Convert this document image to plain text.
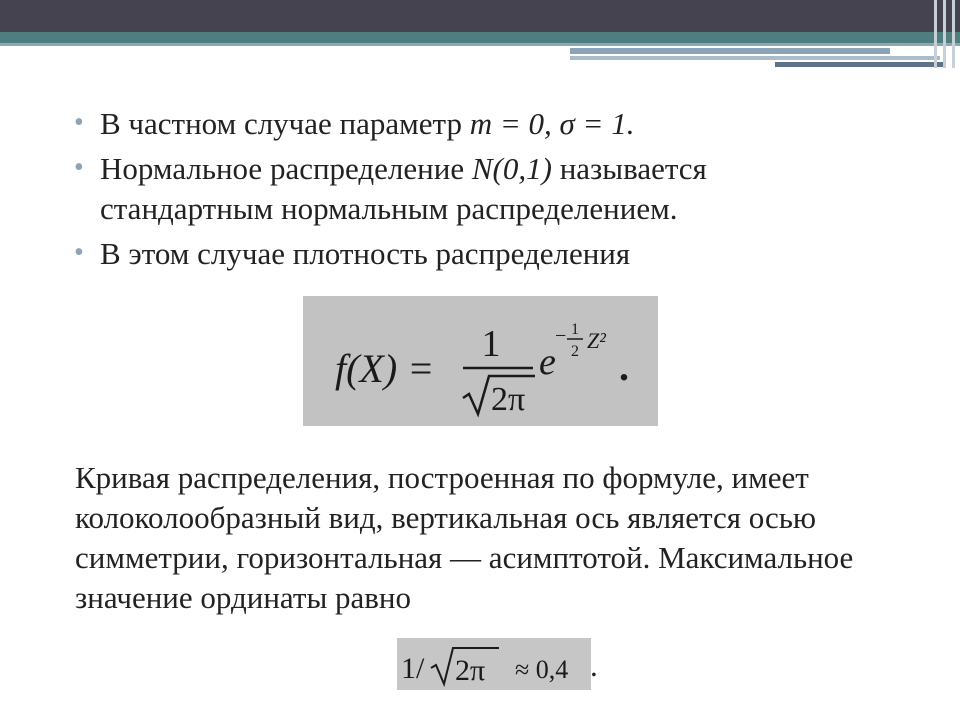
• В частном случае параметр m = 0, σ = 1.
• Нормальное распределение N(0,1) называется стандартным нормальным распределением.
• В этом случае плотность распределения
f(X) =
1
2π
e
− 1
2 Z²
.
Кривая распределения, построенная по формуле, имеет колоколообразный вид, вертикальная ось является осью симметрии, горизонтальная — асимптотой. Максимальное значение ординаты равно
1/ 2π ≈ 0,4 .
